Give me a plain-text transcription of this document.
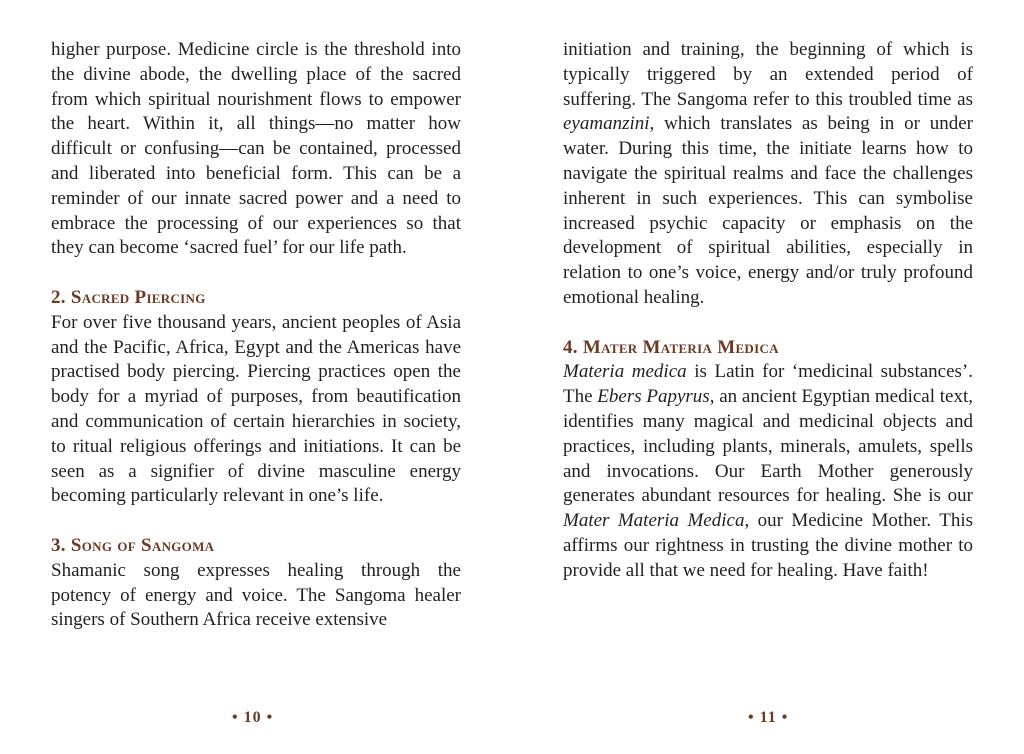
higher purpose. Medicine circle is the threshold into the divine abode, the dwelling place of the sacred from which spiritual nourishment flows to empower the heart. Within it, all things—no matter how difficult or confusing—can be contained, processed and liberated into beneficial form. This can be a reminder of our innate sacred power and a need to embrace the processing of our experiences so that they can become ‘sacred fuel’ for our life path.

2. Sacred Piercing

For over five thousand years, ancient peoples of Asia and the Pacific, Africa, Egypt and the Americas have practised body piercing. Piercing practices open the body for a myriad of purposes, from beautification and communication of certain hierarchies in society, to ritual religious offerings and initiations. It can be seen as a signifier of divine masculine energy becoming particularly relevant in one’s life.

3. Song of Sangoma

Shamanic song expresses healing through the potency of energy and voice. The Sangoma healer singers of Southern Africa receive extensive

initiation and training, the beginning of which is typically triggered by an extended period of suffering. The Sangoma refer to this troubled time as eyamanzini, which translates as being in or under water. During this time, the initiate learns how to navigate the spiritual realms and face the challenges inherent in such experiences. This can symbolise increased psychic capacity or emphasis on the development of spiritual abilities, especially in relation to one’s voice, energy and/or truly profound emotional healing.

4. Mater Materia Medica

Materia medica is Latin for ‘medicinal substances’. The Ebers Papyrus, an ancient Egyptian medical text, identifies many magical and medicinal objects and practices, including plants, minerals, amulets, spells and invocations. Our Earth Mother generously generates abundant resources for healing. She is our Mater Materia Medica, our Medicine Mother. This affirms our rightness in trusting the divine mother to provide all that we need for healing. Have faith!

• 10 •	• 11 •
